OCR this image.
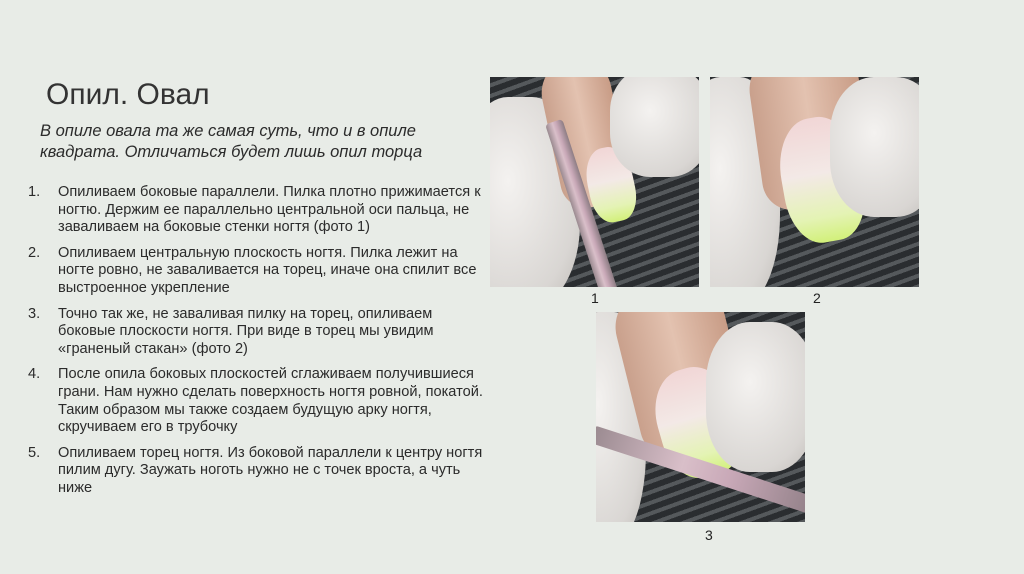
Опил. Овал
В опиле овала та же самая суть, что и в опиле квадрата. Отличаться будет лишь опил торца
1. Опиливаем боковые параллели. Пилка плотно прижимается к ногтю. Держим ее параллельно центральной оси пальца, не заваливаем на боковые стенки ногтя (фото 1)
2. Опиливаем центральную плоскость ногтя. Пилка лежит на ногте ровно, не заваливается на торец, иначе она спилит все выстроенное укрепление
3. Точно так же, не заваливая пилку на торец, опиливаем боковые плоскости ногтя. При виде в торец мы увидим «граненый стакан» (фото 2)
4. После опила боковых плоскостей сглаживаем получившиеся грани. Нам нужно сделать поверхность ногтя ровной, покатой. Таким образом мы также создаем будущую арку ногтя, скручиваем его в трубочку
5. Опиливаем торец ногтя. Из боковой параллели к центру ногтя пилим дугу. Заужать ноготь нужно не с точек вроста, а чуть ниже
1	2
3
